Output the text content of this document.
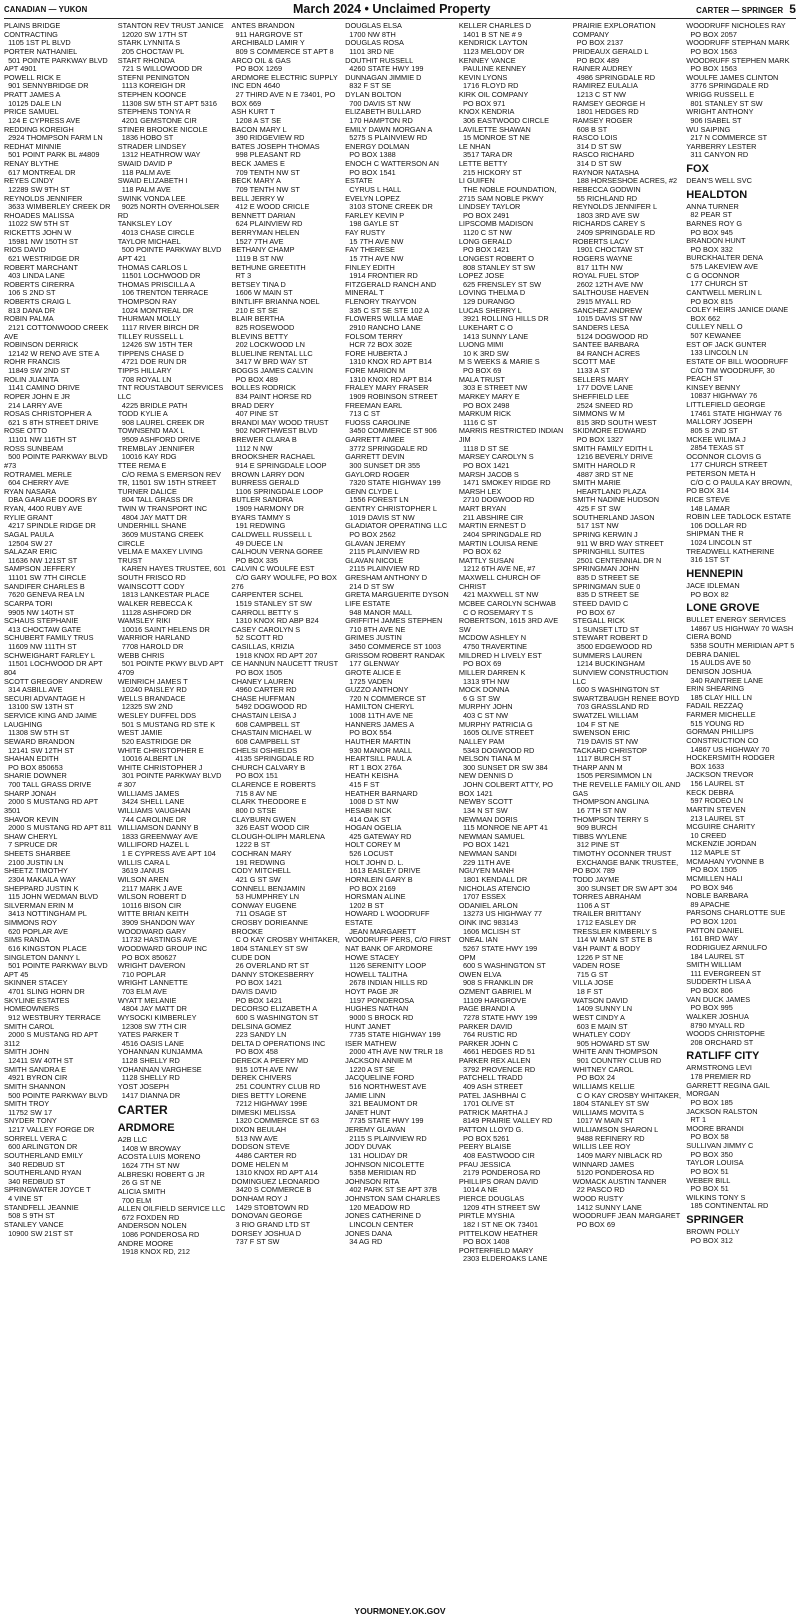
CANADIAN — YUKON	March 2024 • Unclaimed Property	CARTER — SPRINGER 5
PLAINS BRIDGE CONTRACTING
1105 1ST PL BLVD
PORTER NATHANIEL
501 POINTE PARKWAY BLVD APT 4901
POWELL RICK E
901 SENNYBRIDGE DR
PRATT JAMES A
10125 DALE LN
PRICE SAMUEL
124 E CYPRESS AVE
REDDING KOREIGH
2924 THOMPSON FARM LN
REDHAT MINNIE
501 POINT PARK BL #4809
RENAY BLYTHE
617 MONTREAL DR
REYES CINDY
12289 SW 9TH ST
REYNOLDS JENNIFER
3633 WIMBERLEY CREEK DR
RHOADES MALISSA
11022 SW 5TH ST
RICKETTS JOHN W
15981 NW 150TH ST
RIOS DAVID
621 WESTRIDGE DR
ROBERT MARCHANT
403 LINDA LANE
ROBERTS CIRERRA
106 S 2ND ST
ROBERTS CRAIG L
813 DANA DR
ROBIN PALMA
2121 COTTONWOOD CREEK AVE
ROBINSON DERRICK
12142 W RENO AVE STE A
ROHR FRANCIS
11849 SW 2ND ST
ROLIN JUANITA
1141 CAMINO DRIVE
ROPER JOHN E JR
214 LARRY AVE
ROSAS CHRISTOPHER A
621 S 8TH STREET DRIVE
ROSE OTTO
11101 NW 116TH ST
ROSS SUNBEAM
500 POINTE PARKWAY BLVD #73
ROTRAMEL MERLE
604 CHERRY AVE
RYAN NASARA
DBA GARAGE DOORS BY RYAN, 4400 RUBY AVE
RYLIE GRANT
4217 SPINDLE RIDGE DR
SAGAL PAULA
12504 SW 27
SALAZAR ERIC
11636 NW 121ST ST
SAMPSON JEFFERY
11101 SW 7TH CIRCLE
SANDIFER CHARLES B
7620 GENEVA REA LN
SCARPA TORI
9905 NW 140TH ST
SCHAUS STEPHANIE
413 CHOCTAW GATE
SCHUBERT FAMILY TRUS
11609 NW 111TH ST
SCHWEIGHART FARLEY L
11501 LOCHWOOD DR APT 804
SCOTT GREGORY ANDREW
314 ASBILL AVE
SECURI ADVANTAGE H
13100 SW 13TH ST
SERVICE KING AND JAIME LAUGHING
11308 SW 5TH ST
SEWARD BRANDON
12141 SW 12TH ST
SHAHAN EDITH
PO BOX 850653
SHARIE DOWNER
700 TALL GRASS DRIVE
SHARP JONAH
2000 S MUSTANG RD APT 3501
SHAVOR KEVIN
2000 S MUSTANG RD APT 811
SHAW CHERYL
7 SPRUCE DR
SHEETS SHARBEE
2100 JUSTIN LN
SHEETZ TIMOTHY
2304 MAKAILA WAY
SHEPPARD JUSTIN K
115 JOHN WEDMAN BLVD
SILVERMAN ERIN M
3413 NOTTINGHAM PL
SIMMONS ROY
620 POPLAR AVE
SIMS RANDA
616 KINGSTON PLACE
SINGLETON DANNY L
501 POINTE PARKWAY BLVD APT 45
SKINNER STACEY
4701 SLING HORN DR
SKYLINE ESTATES HOMEOWNERS
912 WESTBURY TERRACE
SMITH CAROL
2000 S MUSTANG RD APT 3112
SMITH JOHN
12411 SW 40TH ST
SMITH SANDRA E
4921 BYRON CIR
SMITH SHANNON
500 POINTE PARKWAY BLVD
SMITH TROY
11752 SW 17
SNYDER TONY
1217 VALLEY FORGE DR
SORRELL VERA C
600 ARLINGTON DR
SOUTHERLAND EMILY
340 REDBUD ST
SOUTHERLAND RYAN
340 REDBUD ST
SPRINGWATER JOYCE T
4 VINE ST
STANDFELL JEANNIE
508 S 9TH ST
STANLEY VANCE
10900 SW 21ST ST
STANTON REV TRUST JANICE
12020 SW 17TH ST
STARK LYNNITA S
205 CHOCTAW PL
START RHONDA
721 S WILLOWOOD DR
STEFNI PENINGTON
1113 KOREIGH DR
STEPHEN KOONCE
11308 SW 5TH ST APT 5316
STEPHENS TONYA R
4201 GEMSTONE CIR
STINER BROOKE NICOLE
1836 HOBO ST
STRADER LINDSEY
1312 HEATHROW WAY
SWAID DAVID P
118 PALM AVE
SWAID ELIZABETH I
118 PALM AVE
SWINK VONDA LEE
9025 NORTH OVERHOLSER RD
TANKSLEY LOY
4013 CHASE CIRCLE
TAYLOR MICHAEL
500 POINTE PARKWAY BLVD APT 421
THOMAS CARLOS L
11501 LOCHWOOD DR
THOMAS PRISCILLA A
106 TRENTON TERRACE
THOMPSON RAY
1024 MONTREAL DR
THURMAN MOLLY
1117 RIVER BIRCH DR
TILLEY RUSSELL L
12426 SW 15TH TER
TIPPENS CHASE D
4721 DOE RUN DR
TIPPS HILLARY
708 ROYAL LN
TNT ROUSTABOUT SERVICES LLC
4225 BRIDLE PATH
TODD KYLIE A
908 LAUREL CREEK DR
TOWNSEND MAX L
9509 ASHFORD DRIVE
TREMBLAY JENNIFER
10016 KAY RDG
TTEE REMA E
C/O REMA S EMERSON REV TR, 11501 SW 15TH STREET
TURNER DALICE
804 TALL GRASS DR
TWIN W TRANSPORT INC
4804 JAY MATT DR
UNDERHILL SHANE
3609 MUSTANG CREEK CIRCLE
VELMA E MAXEY LIVING TRUST
KAREN HAYES TRUSTEE, 601 SOUTH FRISCO RD
WAINSCOTT CODY
1813 LANKESTAR PLACE
WALKER REBECCA K
11128 ASHFORD DR
WAMSLEY RIKI
10016 SAINT HELENS DR
WARRIOR HARLAND
7708 HAROLD DR
WEBB CHRIS
501 POINTE PKWY BLVD APT 4709
WEINRICH JAMES T
10240 PAISLEY RD
WELLS BRANDACE
12325 SW 2ND
WESLEY DUFFEL DDS
501 S MUSTANG RD STE K
WEST JAMIE
520 EASTRIDGE DR
WHITE CHRISTOPHER E
10016 ALBERT LN
WHITE CHRISTOPHER J
301 POINTE PARKWAY BLVD # 307
WILLIAMS JAMES
3424 SHELL LANE
WILLIAMS VAUGHAN
744 CAROLINE DR
WILLIAMSON DANNY B
1833 GREENWAY AVE
WILLIFORD HAZEL L
1 E CYPRESS AVE APT 104
WILLIS CARA L
3619 JANUS
WILSON AREN
2117 MARK J AVE
WILSON ROBERT D
10116 BISON CIR
WITTE BRIAN KEITH
3909 SHANDON WAY
WOODWARD GARY
11732 HASTINGS AVE
WOODWARD GROUP INC
PO BOX 850627
WRIGHT DAVERON
710 POPLAR
WRIGHT LANNETTE
703 ELM AVE
WYATT MELANIE
4804 JAY MATT DR
WYSOCKI KIMBERLEY
12308 SW 7TH CIR
YATES PARKER T
4516 OASIS LANE
YOHANNAN KUNJAMMA
1128 SHELLY RD
YOHANNAN VARGHESE
1128 SHELLY RD
YOST JOSEPH
1417 DIANNA DR
CARTER
ARDMORE
A2B LLC
1408 W BROWAY
ACOSTA LUIS MORENO
1624 7TH ST NW
ALBRESKI ROBERT G JR
26 G ST NE
ALICIA SMITH
700 ELM
ALLEN OILFIELD SERVICE LLC
672 FOXDEN RD
ANDERSON NOLEN
1086 PONDEROSA RD
ANDRE MOORE
1918 KNOX RD, 212
ANTES BRANDON
911 HARGROVE ST
ARCHIBALD LAMIR Y
809 S COMMERCE ST APT 8
ARCO OIL & GAS
PO BOX 1269
ARDMORE ELECTRIC SUPPLY INC EDN 4640
27 THIRD AVE N E 73401, PO BOX 669
ASH KURT T
1208 A ST SE
BACON MARY L
390 RIDGEVIEW RD
BATES JOSEPH THOMAS
998 PLEASANT RD
BECK JAMES E
709 TENTH NW ST
BECK MARY A
709 TENTH NW ST
BELL JERRY W
412 E WOOD CRICLE
BENNETT DARIAN
624 PLAINVIEW RD
BERRYMAN HELEN
1527 7TH AVE
BETHANY CHAMP
1119 B ST NW
BETHUNE GREETITH
RT 3
BETSEY TINA D
1606 W MAIN ST
BINTLIFF BRIANNA NOEL
210 E ST SE
BLAIR BERTHA
825 ROSEWOOD
BLEVINS BETTY
202 LOCKWOOD LN
BLUELINE RENTAL LLC
3417 W BRD WAY ST
BOGGS JAMES CALVIN
PO BOX 489
BOLLES RODRICK
834 PAINT HORSE RD
BRAD DERY
407 PINE ST
BRANDI MAY WOOD TRUST
902 NORTHWEST BLVD
BREWER CLARA B
1112 N NW
BROOKSHER RACHAEL
914 E SPRINGDALE LOOP
BROWN LARRY DON
BURRESS GERALD
1106 SPRINGDALE LOOP
BUTLER SANDRA
1909 HARMONY DR
BYARS TAMMY S
191 REDWING
CALDWELL RUSSELL L
49 DUECE LN
CALHOUN VERNA GOREE
PO BOX 335
CALVIN C WOULFE EST
C/O GARY WOULFE, PO BOX 276
CARPENTER SCHEL
1519 STANLEY ST SW
CARROLL BETTY S
1310 KNOX RD ABP B24
CASEY CAROLYN S
52 SCOTT RD
CASILLAS, KRIZIA
1918 KNOX RD APT 207
CE HANNUN NAUCETT TRUST
PO BOX 1505
CHANEY LAUREN
4960 CARTER RD
CHASE HUFFMAN
5492 DOGWOOD RD
CHASTAIN LEISA J
608 CAMPBELL ST
CHASTAIN MICHAEL W
608 CAMPBELL ST
CHELSI OSHIELDS
4135 SPRINGDALE RD
CHURCH CALVARY B
PO BOX 151
CLARENCE E ROBERTS
715 8 AV NE
CLARK THEODORE E
800 D STSE
CLAYBURN GWEN
326 EAST WOOD CIR
CLOUGH-OLIPH MARLENA
1222 B ST
COCHRAN MARY
191 REDWING
CODY MITCHELL
421 G ST SW
CONNELL BENJAMIN
53 HUMPHREY LN
CONWAY EUGENE
711 OSAGE ST
CROSBY DORIEANNE BROOKE
C O KAY CROSBY WHITAKER, 1804 STANLEY ST SW
CUDE DON
26 OVERLAND RT ST
DANNY STOKESBERRY
PO BOX 1421
DAVIS DAVID
PO BOX 1421
DECORSO ELIZABETH A
600 S WASHINGTON ST
DELSINA GOMEZ
223 SANDY LN
DELTA D OPERATIONS INC
PO BOX 458
DERECK A PEERY MD
915 10TH AVE NW
DEREK CHIVERS
251 COUNTRY CLUB RD
DIES BETTY LORENE
7212 HIGHWAY 199E
DIMESKI MELISSA
1320 COMMERCE ST 63
DIXON BEULAH
513 NW AVE
DODSON STEVE
4486 CARTER RD
DOME HELEN M
1310 KNOX RD APT A14
DOMINGUEZ LEONARDO
3420 S COMMERCE B
DONHAM ROY J
1429 STOBTOWN RD
DONOVAN GEORGE
3 RIO GRAND LTD ST
DORSEY JOSHUA D
737 F ST SW
DOUGLAS ELSA
1700 NW 8TH
DOUGLAS ROSA
1101 3RD NE
DOUTHIT RUSSELL
4260 STATE HWY 199
DUNNAGAN JIMMIE D
832 F ST SE
DYLAN BOLTON
700 DAVIS ST NW
ELIZABETH BULLARD
170 HAMPTON RD
EMILY DAWN MORGAN A
5275 S PLAINVIEW RD
ENERGY DOLMAN
PO BOX 1388
ENOCH C WATTERSON AN
PO BOX 1541
ESTATE
CYRUS L HALL
EVELYN LOPEZ
3103 STONE CREEK DR
FARLEY KEVIN P
198 GAYLE ST
FAY RUSTY
15 7TH AVE NW
FAY THERESE
15 7TH AVE NW
FINLEY EDITH
1914 FRONTIER RD
FITZGERALD RANCH AND MINERAL T
FLENORY TRAYVON
335 C ST SE STE 102 A
FLOWERS WILLA MAE
2910 RANCHO LANE
FOLSOM TERRY
HCR 72 BOX 302E
FORE HUBERTA J
1310 KNOX RD APT B14
FORE MARION M
1310 KNOX RD APT B14
FRALEY MARY FRASER
1909 ROBINSON STREET
FREEMAN EARL
713 C ST
FUOSS CAROLINE
3450 COMMERCE ST 906
GARRETT AIMEE
3772 SPRINGDALE RD
GARRETT DEVIN
300 SUNSET DR 355
GAYLORD ROGER
7320 STATE HIGHWAY 199
GENN CLYDE L
1556 FOREST LN
GENTRY CHRISTOPHER L
1019 DAVIS ST NW
GLADIATOR OPERATING LLC
PO BOX 2562
GLAVAN JEREMY
2115 PLAINVIEW RD
GLAVAN NICOLE
2115 PLAINVIEW RD
GRESHAM ANTHONY D
214 D ST SW
GRETA MARGUERITE DYSON LIFE ESTATE
948 MANOR MALL
GRIFFITH JAMES STEPHEN
710 8TH AVE NE
GRIMES JUSTIN
3450 COMMERCE ST 1003
GRISSOM ROBERT RANDAK
177 GLENWAY
GROTE ALICE E
1725 VADEN
GUZZO ANTHONY
720 N COMMERCE ST
HAMILTON CHERYL
1008 11TH AVE NE
HANNERS JAMES A
PO BOX 554
HAUTHER MARTIN
930 MANOR MALL
HEARTSILL PAUL A
RT 1 BOX 276A
HEATH KEISHA
415 F ST
HEATHER BARNARD
1008 D ST NW
HESABI NICK
414 OAK ST
HOGAN OGELIA
425 GATEWAY RD
HOLT COREY M
526 LOCUST
HOLT JOHN D. L.
1613 EASLEY DRIVE
HORNLEIN GARY B
PO BOX 2169
HORSMAN ALINE
1202 B ST
HOWARD L WOODRUFF ESTATE
JEAN MARGARETT WOODRUFF PERS, C/O FIRST NAT BANK OF ARDMORE
HOWE STACEY
1126 SERENITY LOOP
HOWELL TALITHA
2678 INDIAN HILLS RD
HOYT PAGE JR
1197 PONDEROSA
HUGHES NATHAN
9000 S BROCK RD
HUNT JANET
7735 STATE HIGHWAY 199
ISER MATHEW
2000 4TH AVE NW TRLR 18
JACKSON ANNIE M
1220 A ST SE
JACQUELINE FORD
516 NORTHWEST AVE
JAMIE LINN
321 BEAUMONT DR
JANET HUNT
7735 STATE HWY 199
JEREMY GLAVAN
2115 S PLAINVIEW RD
JODY DUVAK
131 HOLIDAY DR
JOHNSON NICOLETTE
5358 MERIDIAN RD
JOHNSON RITA
402 PARK ST SE APT 37B
JOHNSTON SAM CHARLES
120 MEADOW RD
JONES CATHERINE D
LINCOLN CENTER
JONES DANA
34 AG RD
KELLER CHARLES D
1401 B ST NE # 9
KENDRICK LAYTON
1123 MELODY DR
KENNEY VANCE
PAULINE KENNEY
KEVIN LYONS
1716 FLOYD RD
KIRK OIL COMPANY
PO BOX 971
KNOX KENDRIA
306 EASTWOOD CIRCLE
LAVILETTE SHAWAN
15 MONROE ST NE
LE NHAN
3517 TARA DR
LETTE BETTY
215 HICKORY ST
LI GUIFEN
THE NOBLE FOUNDATION, 2715 SAM NOBLE PKWY
LINDSEY TAYLOR
PO BOX 2491
LIPSCOMB MADISON
1120 C ST NW
LONG GERALD
PO BOX 1421
LONGEST ROBERT O
808 STANLEY ST SW
LOPEZ JOSE
625 FRENSLEY ST SW
LOVING THELMA D
129 DURANGO
LUCAS SHERRY L
3921 ROLLING HILLS DR
LUKEHART C O
1413 SUNNY LANE
LUONG MIMI
10 K 3RD SW
M S WEEKS & MARIE S
PO BOX 69
MALA TRUST
303 E STREET NW
MARKEY MARY E
PO BOX 2498
MARKUM RICK
1116 C ST
MARRIS RESTRICTED INDIAN JIM
1118 D ST SE
MARSEY CAROLYN S
PO BOX 1421
MARSH JACOB S
1471 SMOKEY RIDGE RD
MARSH LEX
2710 DOGWOOD RD
MART BRYAN
211 ABSHIRE CIR
MARTIN ERNEST D
2404 SPRINGDALE RD
MARTIN LOUISA RENE
PO BOX 62
MATTLY SUSAN
1212 6TH AVE NE, #7
MAXWELL CHURCH OF CHRIST
421 MAXWELL ST NW
MCBEE CAROLYN SCHWAB
C O ROSEMARY T S ROBERTSON, 1615 3RD AVE SW
MCDOW ASHLEY N
4750 TRAVERTINE
MILDRED H LIVELY EST
PO BOX 69
MILLER DARREN K
1313 9TH NW
MOCK DONNA
6 G ST SW
MURPHY JOHN
403 C ST NW
MURPHY PATRICIA G
1605 OLIVE STREET
NALLEY PAM
5343 DOGWOOD RD
NELSON TIANA M
300 SUNSET DR SW 384
NEW DENNIS D
JOHN COLBERT ATTY, PO BOX 1421
NEWBY SCOTT
134 N ST SW
NEWMAN DORIS
115 MONROE NE APT 41
NEWMAN SAMUEL
PO BOX 1421
NEWMAN SANDI
229 11TH AVE
NGUYEN MANH
1801 KENDALL DR
NICHOLAS ATENCIO
1707 ESSEX
ODANIEL ARLON
13273 US HIGHWAY 77
OINK INC 983143
1606 MCLISH ST
ONEAL IAN
5267 STATE HWY 199
OPM
600 S WASHINGTON ST
OWEN ELVA
908 S FRANKLIN DR
OZMENT GABRIEL M
11109 HARGROVE
PAGE BRANDI A
7278 STATE HWY 199
PARKER DAVID
764 RUSTIC RD
PARKER JOHN C
4661 HEDGES RD 51
PARKER REX ALLEN
3792 PROVENCE RD
PATCHELL TRADD
409 ASH STREET
PATEL JASHBHAI C
1701 OLIVE ST
PATRICK MARTHA J
8149 PRAIRIE VALLEY RD
PATTON LLOYD G.
PO BOX 5261
PEERY BLAISE
408 EASTWOOD CIR
PFAU JESSICA
2179 PONDEROSA RD
PHILLIPS ORAN DAVID
1014 A NE
PIERCE DOUGLAS
1209 4TH STREET SW
PIRTLE MYSHIA
182 I ST NE OK 73401
PITTELKOW HEATHER
PO BOX 1408
PORTERFIELD MARY
2303 ELDEROAKS LANE
PRAIRIE EXPLORATION COMPANY
PO BOX 2137
PRIDEAUX GERALD L
PO BOX 489
RAINER AUDREY
4986 SPRINGDALE RD
RAMIREZ EULALIA
1213 C ST NW
RAMSEY GEORGE H
1801 HEDGES RD
RAMSEY ROGER
608 B ST
RASCO LOIS
314 D ST SW
RASCO RICHARD
314 D ST SW
RAYNOR NATASHA
188 HORSESHOE ACRES, #2
REBECCA GODWIN
55 RICHLAND RD
REYNOLDS JENNIFER L
1803 3RD AVE SW
RICHARDS CAREY S
2409 SPRINGDALE RD
ROBERTS LACY
1901 CHOCTAW ST
ROGERS WAYNE
817 11TH NW
ROYAL FUEL STOP
2602 12TH AVE NW
SALTHOUSE HAEVEN
2915 MYALL RD
SANCHEZ ANDREW
1015 DAVIS ST NW
SANDERS LESA
5124 DOGWOOD RD
SANTEE BARBARA
84 RANCH ACRES
SCOTT MAE
1133 A ST
SELLERS MARY
177 DOVE LANE
SHEFFIELD LEE
2524 SNEED RD
SIMMONS W M
815 3RD SOUTH WEST
SKIDMORE EDWARD
PO BOX 1327
SMITH FAMILY EDITH L
1216 BEVERLY DRIVE
SMITH HAROLD R
4887 3RD ST NE
SMITH MARIE
HEARTLAND PLAZA
SMITH NADINE HUDSON
425 F ST SW
SOUTHERLAND JASON
517 1ST NW
SPRING KERWIN J
911 W BRD WAY STREET
SPRINGHILL SUITES
2501 CENTENNIAL DR N
SPRINGMAN JOHN
835 D STREET SE
SPRINGMAN SUE 0
835 D STREET SE
STEED DAVID C
PO BOX 67
STEGALL RICK
1 SUNSET LTD ST
STEWART ROBERT D
3500 EDGEWOOD RD
SUMMERS LAUREN
1214 BUCKINGHAM
SUNVIEW CONSTRUCTION LLC
600 S WASHINGTON ST
SWARTZBAUGH RENEE BOYD
703 GRASSLAND RD
SWATZEL WILLIAM
104 F ST NE
SWENSON ERIC
719 DAVIS ST NW
TACKARD CHRISTOP
1117 BURCH ST
THARP ANN M
1505 PERSIMMON LN
THE REVELLE FAMILY OIL AND GAS
THOMPSON ANGLINA
16 7TH ST NW
THOMPSON TERRY S
909 BURCH
TIBBS WYLENE
312 PINE ST
TIMOTHY OCONNER TRUST
EXCHANGE BANK TRUSTEE, PO BOX 789
TODD JAYME
300 SUNSET DR SW APT 304
TORRES ABRAHAM
1106 A ST
TRAILER BRITTANY
1712 EASLEY DR
TRESSLER KIMBERLY S
114 W MAIN ST STE B
V&H PAINT & BODY
1226 P ST NE
VADEN ROSE
715 G ST
VILLA JOSE
18 F ST
WATSON DAVID
1409 SUNNY LN
WEST CINDY A
603 E MAIN ST
WHATLEY CODY
905 HOWARD ST SW
WHITE ANN THOMPSON
901 COUNTRY CLUB RD
WHITNEY CAROL
PO BOX 24
WILLIAMS KELLIE
C O KAY CROSBY WHITAKER, 1804 STANLEY ST SW
WILLIAMS MOVITA S
1017 W MAIN ST
WILLIAMSON SHARON L
9488 REFINERY RD
WILLIS LEE ROY
1409 MARY NIBLACK RD
WINNARD JAMES
5120 PONDEROSA RD
WOMACK AUSTIN TANNER
22 PASCO RD
WOOD RUSTY
1412 SUNNY LANE
WOODRUFF JEAN MARGARET
PO BOX 69
WOODRUFF NICHOLES RAY
PO BOX 2057
WOODRUFF STEPHAN MARK
PO BOX 1563
WOODRUFF STEPHEN MARK
PO BOX 1563
WOULFE JAMES CLINTON
3776 SPRINGDALE RD
WRIGG RUSSELL E
801 STANLEY ST SW
WRIGHT ANTHONY
906 ISABEL ST
WU SAIPING
217 N COMMERCE ST
YARBERRY LESTER
311 CANYON RD
FOX
DEAN'S WELL SVC
HEALDTON
ANNA TURNER
82 PEAR ST
BARNES ROY G
PO BOX 945
BRANDON HUNT
PO BOX 332
BURCKHALTER DENA
575 LAKEVIEW AVE
C G OCONNOR
177 CHURCH ST
CANTWELL MERLIN L
PO BOX 815
COLEY HEIRS JANICE DIANE
BOX 662
CULLEY NELL O
507 KEWANEE
EST OF JACK GUNTER
133 LINCOLN LN
ESTATE OF BILL WOODRUFF
C/O TIM WOODRUFF, 30 PEACH ST
KINSEY BENNY
10837 HIGHWAY 76
LITTLEFIELD GEORGE
17461 STATE HIGHWAY 76
MALLORY JOSEPH
805 S 2ND ST
MCKEE WILIMA J
2854 TEXAS ST
OCONNOR CLOVIS G
177 CHURCH STREET
PETERSON META H
C/O C O PAULA KAY BROWN, PO BOX 314
RICE STEVE
148 LAMAR
ROBIN LEE TADLOCK ESTATE
106 DOLLAR RD
SHIPMAN THE R
1024 LINCOLN ST
TREADWELL KATHERINE
316 1ST ST
HENNEPIN
JACE IDLEMAN
PO BOX 82
LONE GROVE
BULLET ENERGY SERVICES
14867 US HIGHWAY 70 WASH
CIERA BOND
5358 SOUTH MERIDIAN APT 5
DEBRA DANIEL
15 AULDS AVE 50
DENISON JOSHUA
340 RAINTREE LANE
ERIN SHEARING
185 CLAY HILL LN
FADAIL REZZAQ
FARMER MICHELLE
515 YOUNG RD
GORMAN PHILLIPS CONSTRUCTION CO
14867 US HIGHWAY 70
HOCKERSMITH RODGER
BOX 1633
JACKSON TREVOR
156 LAUREL ST
KECK DEBRA
597 RODEO LN
MARTIN STEVEN
213 LAUREL ST
MCGUIRE CHARITY
10 CREED
MCKENZIE JORDAN
112 MAPLE ST
MCMAHAN YVONNE B
PO BOX 1505
MCMILLEN HALI
PO BOX 946
NOBLE BARBARA
89 APACHE
PARSONS CHARLOTTE SUE
PO BOX 1201
PATTON DANIEL
161 BRD WAY
RODRIGUEZ ARNULFO
184 LAUREL ST
SMITH WILLIAM
111 EVERGREEN ST
SUDDERTH LISA A
PO BOX 806
VAN DUCK JAMES
PO BOX 995
WALKER JOSHUA
8790 MYALL RD
WOODS CHRISTOPHE
208 ORCHARD ST
RATLIFF CITY
ARMSTRONG LEVI
178 PREMIER RD
GARRETT REGINA GAIL MORGAN
PO BOX 185
JACKSON RALSTON
RT 1
MOORE BRANDI
PO BOX 58
SULLIVAN JIMMY C
PO BOX 350
TAYLOR LOUISA
PO BOX 51
WEBER BILL
PO BOX 51
WILKINS TONY S
185 CONTINENTAL RD
SPRINGER
BROWN POLLY
PO BOX 312
YOURMONEY.OK.GOV
